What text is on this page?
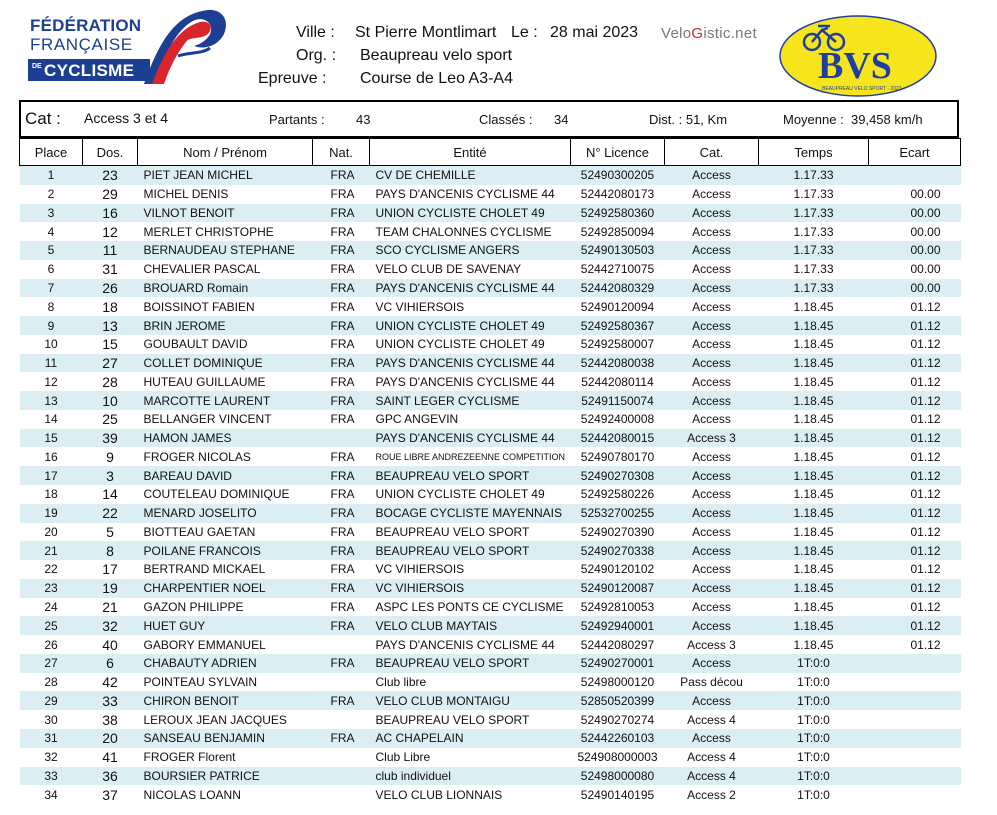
FÉDÉRATION
FRANÇAISE
DE CYCLISME
Ville : St Pierre Montlimart Le : 28 mai 2023
Org. : Beaupreau velo sport
Epreuve : Course de Leo A3-A4
VeloGistic.net
BVS
BEAUPREAU VELO SPORT - 2023
Cat : Access 3 et 4	Partants : 43	Classés : 34	Dist. : 51, Km	Moyenne : 39,458 km/h
Place	Dos.	Nom / Prénom	Nat.	Entité	N° Licence	Cat.	Temps	Ecart
1	23	PIET JEAN MICHEL	FRA	CV DE CHEMILLE	52490300205	Access	1.17.33	
2	29	MICHEL DENIS	FRA	PAYS D'ANCENIS CYCLISME 44	52442080173	Access	1.17.33	00.00
3	16	VILNOT BENOIT	FRA	UNION CYCLISTE CHOLET 49	52492580360	Access	1.17.33	00.00
4	12	MERLET CHRISTOPHE	FRA	TEAM CHALONNES CYCLISME	52492850094	Access	1.17.33	00.00
5	11	BERNAUDEAU STEPHANE	FRA	SCO CYCLISME ANGERS	52490130503	Access	1.17.33	00.00
6	31	CHEVALIER PASCAL	FRA	VELO CLUB DE SAVENAY	52442710075	Access	1.17.33	00.00
7	26	BROUARD Romain	FRA	PAYS D'ANCENIS CYCLISME 44	52442080329	Access	1.17.33	00.00
8	18	BOISSINOT FABIEN	FRA	VC VIHIERSOIS	52490120094	Access	1.18.45	01.12
9	13	BRIN JEROME	FRA	UNION CYCLISTE CHOLET 49	52492580367	Access	1.18.45	01.12
10	15	GOUBAULT DAVID	FRA	UNION CYCLISTE CHOLET 49	52492580007	Access	1.18.45	01.12
11	27	COLLET DOMINIQUE	FRA	PAYS D'ANCENIS CYCLISME 44	52442080038	Access	1.18.45	01.12
12	28	HUTEAU GUILLAUME	FRA	PAYS D'ANCENIS CYCLISME 44	52442080114	Access	1.18.45	01.12
13	10	MARCOTTE LAURENT	FRA	SAINT LEGER CYCLISME	52491150074	Access	1.18.45	01.12
14	25	BELLANGER VINCENT	FRA	GPC ANGEVIN	52492400008	Access	1.18.45	01.12
15	39	HAMON JAMES		PAYS D'ANCENIS CYCLISME 44	52442080015	Access 3	1.18.45	01.12
16	9	FROGER NICOLAS	FRA	ROUE LIBRE ANDREZEENNE COMPETITION	52490780170	Access	1.18.45	01.12
17	3	BAREAU DAVID	FRA	BEAUPREAU VELO SPORT	52490270308	Access	1.18.45	01.12
18	14	COUTELEAU DOMINIQUE	FRA	UNION CYCLISTE CHOLET 49	52492580226	Access	1.18.45	01.12
19	22	MENARD JOSELITO	FRA	BOCAGE CYCLISTE MAYENNAIS	52532700255	Access	1.18.45	01.12
20	5	BIOTTEAU GAETAN	FRA	BEAUPREAU VELO SPORT	52490270390	Access	1.18.45	01.12
21	8	POILANE FRANCOIS	FRA	BEAUPREAU VELO SPORT	52490270338	Access	1.18.45	01.12
22	17	BERTRAND MICKAEL	FRA	VC VIHIERSOIS	52490120102	Access	1.18.45	01.12
23	19	CHARPENTIER NOEL	FRA	VC VIHIERSOIS	52490120087	Access	1.18.45	01.12
24	21	GAZON PHILIPPE	FRA	ASPC LES PONTS CE CYCLISME	52492810053	Access	1.18.45	01.12
25	32	HUET GUY	FRA	VELO CLUB MAYTAIS	52492940001	Access	1.18.45	01.12
26	40	GABORY EMMANUEL		PAYS D'ANCENIS CYCLISME 44	52442080297	Access 3	1.18.45	01.12
27	6	CHABAUTY ADRIEN	FRA	BEAUPREAU VELO SPORT	52490270001	Access	1T:0:0	
28	42	POINTEAU SYLVAIN		Club libre	52498000120	Pass décou	1T:0:0	
29	33	CHIRON BENOIT	FRA	VELO CLUB MONTAIGU	52850520399	Access	1T:0:0	
30	38	LEROUX JEAN JACQUES		BEAUPREAU VELO SPORT	52490270274	Access 4	1T:0:0	
31	20	SANSEAU BENJAMIN	FRA	AC CHAPELAIN	52442260103	Access	1T:0:0	
32	41	FROGER Florent		Club Libre	524908000003	Access 4	1T:0:0	
33	36	BOURSIER PATRICE		club individuel	52498000080	Access 4	1T:0:0	
34	37	NICOLAS LOANN		VELO CLUB LIONNAIS	52490140195	Access 2	1T:0:0	
